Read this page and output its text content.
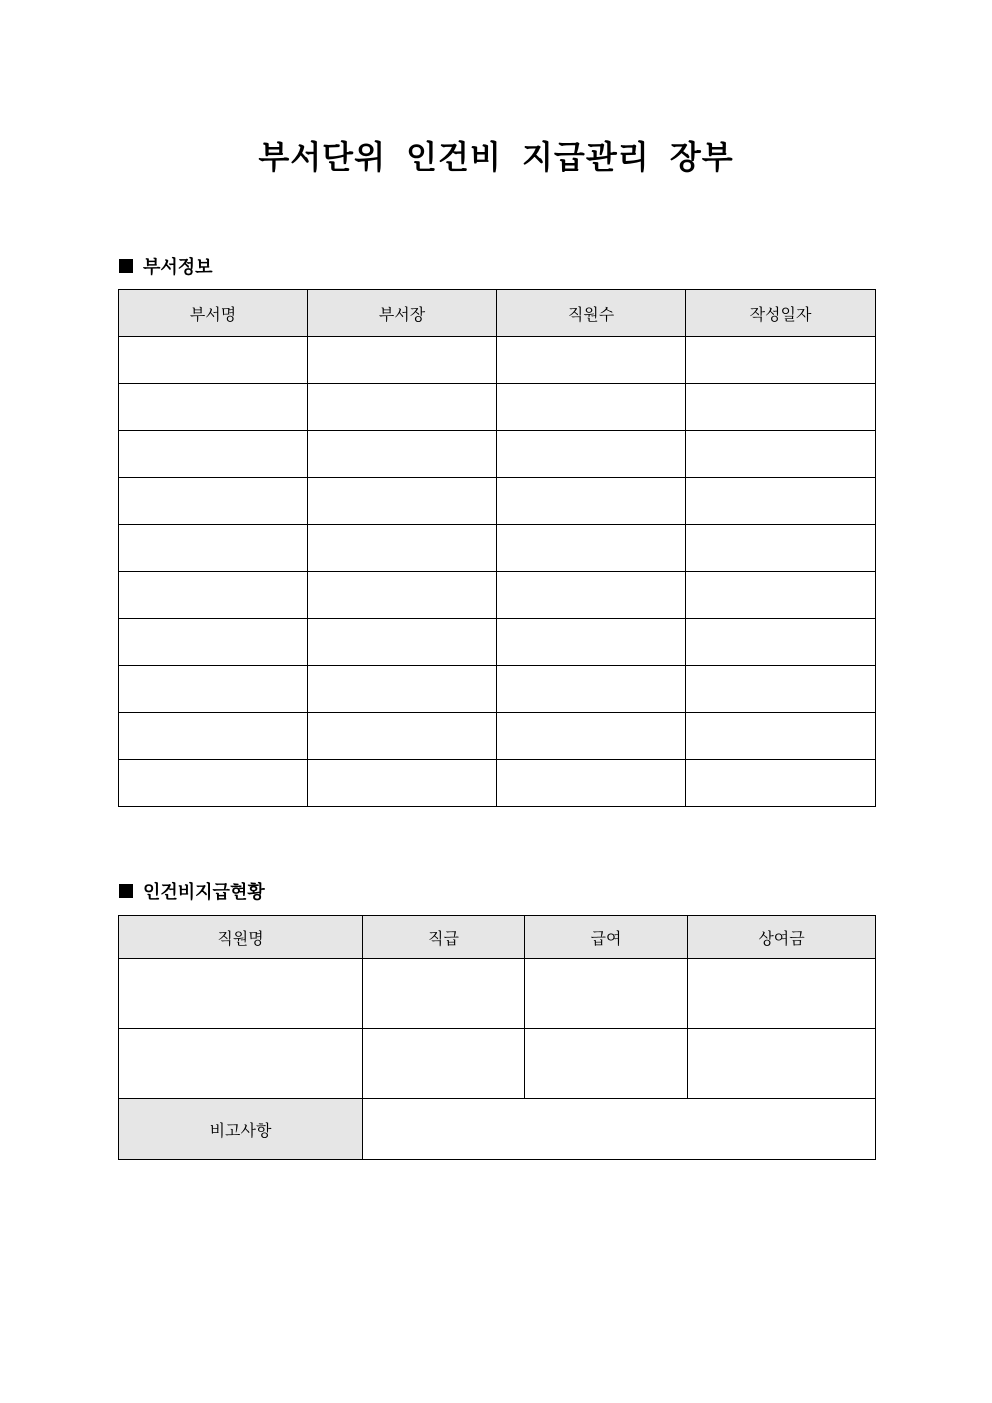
부서단위 인건비 지급관리 장부
부서정보
부서명	부서장	직원수	작성일자

인건비지급현황
직원명	직급	급여	상여금

비고사항			
